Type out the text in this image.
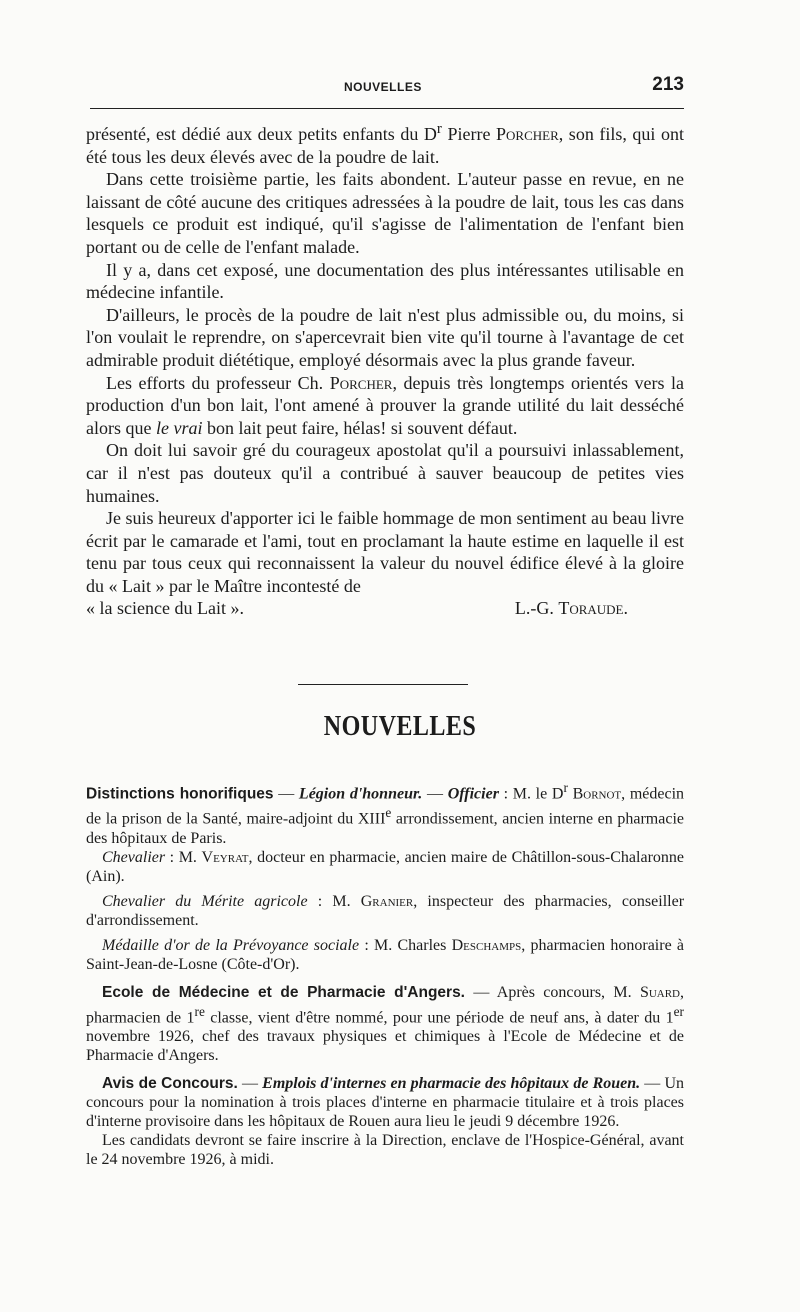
NOUVELLES	213

présenté, est dédié aux deux petits enfants du $D^r$ Pierre Porcher, son fils, qui ont été tous les deux élevés avec de la poudre de lait.

Dans cette troisième partie, les faits abondent. L'auteur passe en revue, en ne laissant de côté aucune des critiques adressées à la poudre de lait, tous les cas dans lesquels ce produit est indiqué, qu'il s'agisse de l'alimentation de l'enfant bien portant ou de celle de l'enfant malade.

Il y a, dans cet exposé, une documentation des plus intéressantes utilisable en médecine infantile.

D'ailleurs, le procès de la poudre de lait n'est plus admissible ou, du moins, si l'on voulait le reprendre, on s'apercevrait bien vite qu'il tourne à l'avantage de cet admirable produit diététique, employé désormais avec la plus grande faveur.

Les efforts du professeur Ch. Porcher, depuis très longtemps orientés vers la production d'un bon lait, l'ont amené à prouver la grande utilité du lait desséché alors que le vrai bon lait peut faire, hélas! si souvent défaut.

On doit lui savoir gré du courageux apostolat qu'il a poursuivi inlassablement, car il n'est pas douteux qu'il a contribué à sauver beaucoup de petites vies humaines.

Je suis heureux d'apporter ici le faible hommage de mon sentiment au beau livre écrit par le camarade et l'ami, tout en proclamant la haute estime en laquelle il est tenu par tous ceux qui reconnaissent la valeur du nouvel édifice élevé à la gloire du « Lait » par le Maître incontesté de

« la science du Lait ».	L.-G. Toraude.
NOUVELLES

Distinctions honorifiques — Légion d'honneur. — Officier : M. le $D^r$ Bornot, médecin de la prison de la Santé, maire-adjoint du XIIIe arrondissement, ancien interne en pharmacie des hôpitaux de Paris.

Chevalier : M. Veyrat, docteur en pharmacie, ancien maire de Châtillon-sous-Chalaronne (Ain).

Chevalier du Mérite agricole : M. Granier, inspecteur des pharmacies, conseiller d'arrondissement.

Médaille d'or de la Prévoyance sociale : M. Charles Deschamps, pharmacien honoraire à Saint-Jean-de-Losne (Côte-d'Or).

Ecole de Médecine et de Pharmacie d'Angers. — Après concours, M. Suard, pharmacien de 1re classe, vient d'être nommé, pour une période de neuf ans, à dater du 1er novembre 1926, chef des travaux physiques et chimiques à l'Ecole de Médecine et de Pharmacie d'Angers.

Avis de Concours. — Emplois d'internes en pharmacie des hôpitaux de Rouen. — Un concours pour la nomination à trois places d'interne en pharmacie titulaire et à trois places d'interne provisoire dans les hôpitaux de Rouen aura lieu le jeudi 9 décembre 1926.

Les candidats devront se faire inscrire à la Direction, enclave de l'Hospice-Général, avant le 24 novembre 1926, à midi.
